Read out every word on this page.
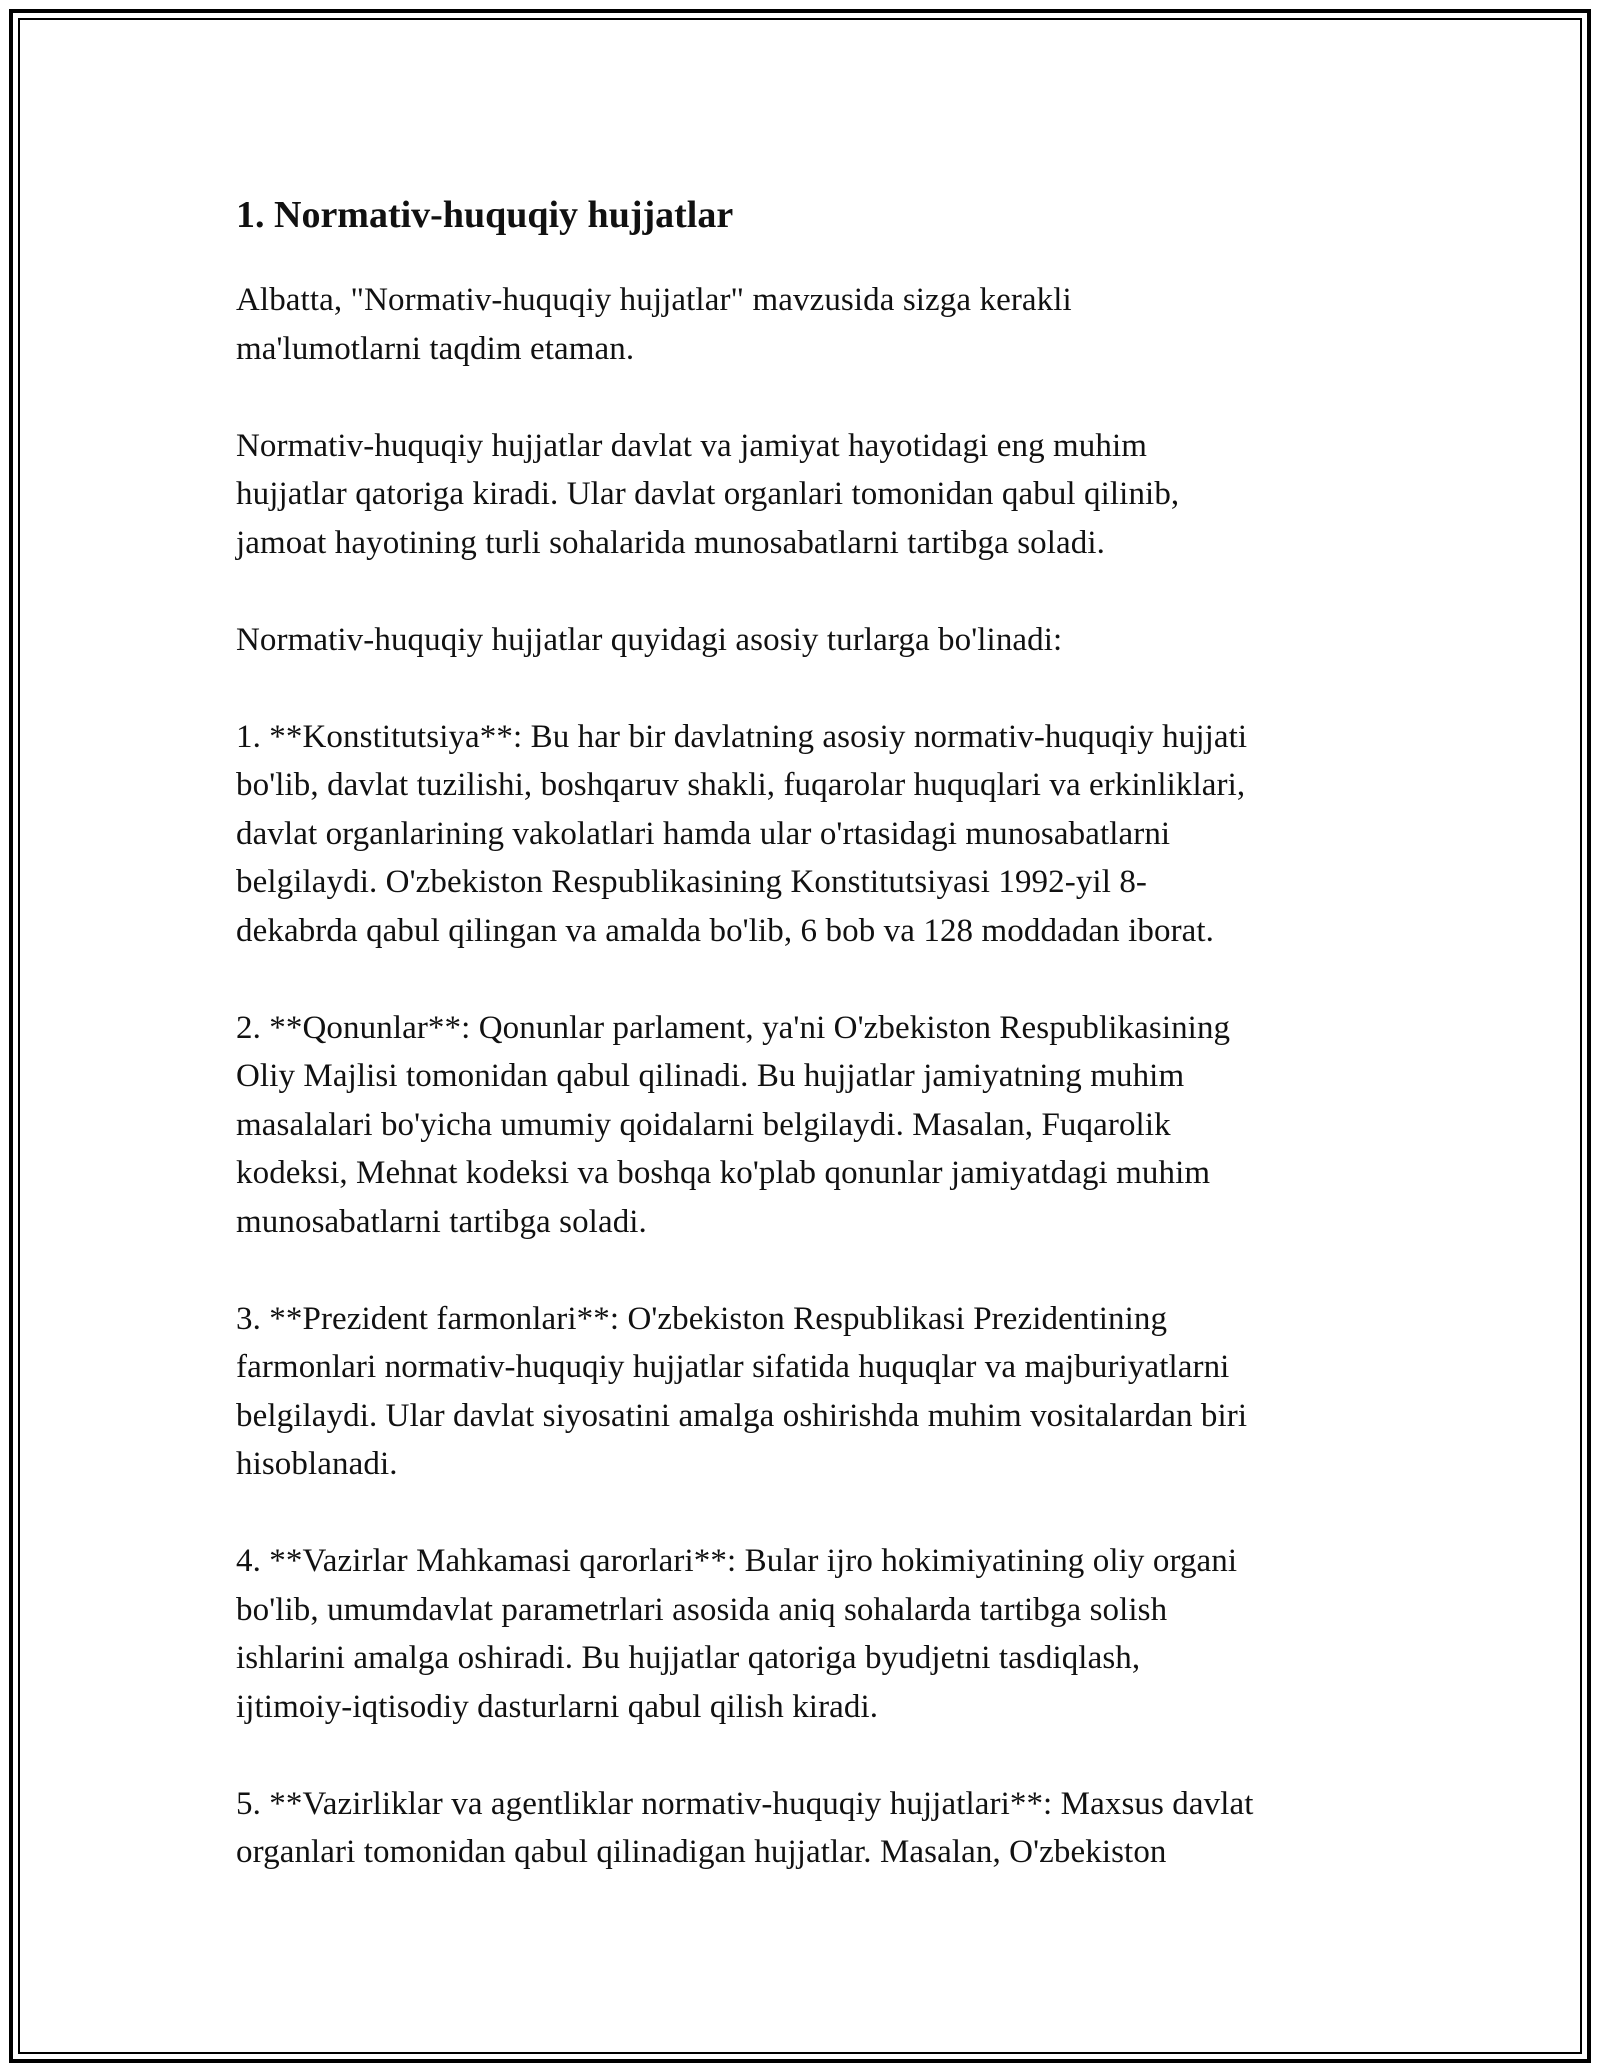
1. Normativ-huquqiy hujjatlar

Albatta, "Normativ-huquqiy hujjatlar" mavzusida sizga kerakli
ma'lumotlarni taqdim etaman.

Normativ-huquqiy hujjatlar davlat va jamiyat hayotidagi eng muhim
hujjatlar qatoriga kiradi. Ular davlat organlari tomonidan qabul qilinib,
jamoat hayotining turli sohalarida munosabatlarni tartibga soladi.

Normativ-huquqiy hujjatlar quyidagi asosiy turlarga bo'linadi:

1. **Konstitutsiya**: Bu har bir davlatning asosiy normativ-huquqiy hujjati
bo'lib, davlat tuzilishi, boshqaruv shakli, fuqarolar huquqlari va erkinliklari,
davlat organlarining vakolatlari hamda ular o'rtasidagi munosabatlarni
belgilaydi. O'zbekiston Respublikasining Konstitutsiyasi 1992-yil 8-
dekabrda qabul qilingan va amalda bo'lib, 6 bob va 128 moddadan iborat.

2. **Qonunlar**: Qonunlar parlament, ya'ni O'zbekiston Respublikasining
Oliy Majlisi tomonidan qabul qilinadi. Bu hujjatlar jamiyatning muhim
masalalari bo'yicha umumiy qoidalarni belgilaydi. Masalan, Fuqarolik
kodeksi, Mehnat kodeksi va boshqa ko'plab qonunlar jamiyatdagi muhim
munosabatlarni tartibga soladi.

3. **Prezident farmonlari**: O'zbekiston Respublikasi Prezidentining
farmonlari normativ-huquqiy hujjatlar sifatida huquqlar va majburiyatlarni
belgilaydi. Ular davlat siyosatini amalga oshirishda muhim vositalardan biri
hisoblanadi.

4. **Vazirlar Mahkamasi qarorlari**: Bular ijro hokimiyatining oliy organi
bo'lib, umumdavlat parametrlari asosida aniq sohalarda tartibga solish
ishlarini amalga oshiradi. Bu hujjatlar qatoriga byudjetni tasdiqlash,
ijtimoiy-iqtisodiy dasturlarni qabul qilish kiradi.

5. **Vazirliklar va agentliklar normativ-huquqiy hujjatlari**: Maxsus davlat
organlari tomonidan qabul qilinadigan hujjatlar. Masalan, O'zbekiston
